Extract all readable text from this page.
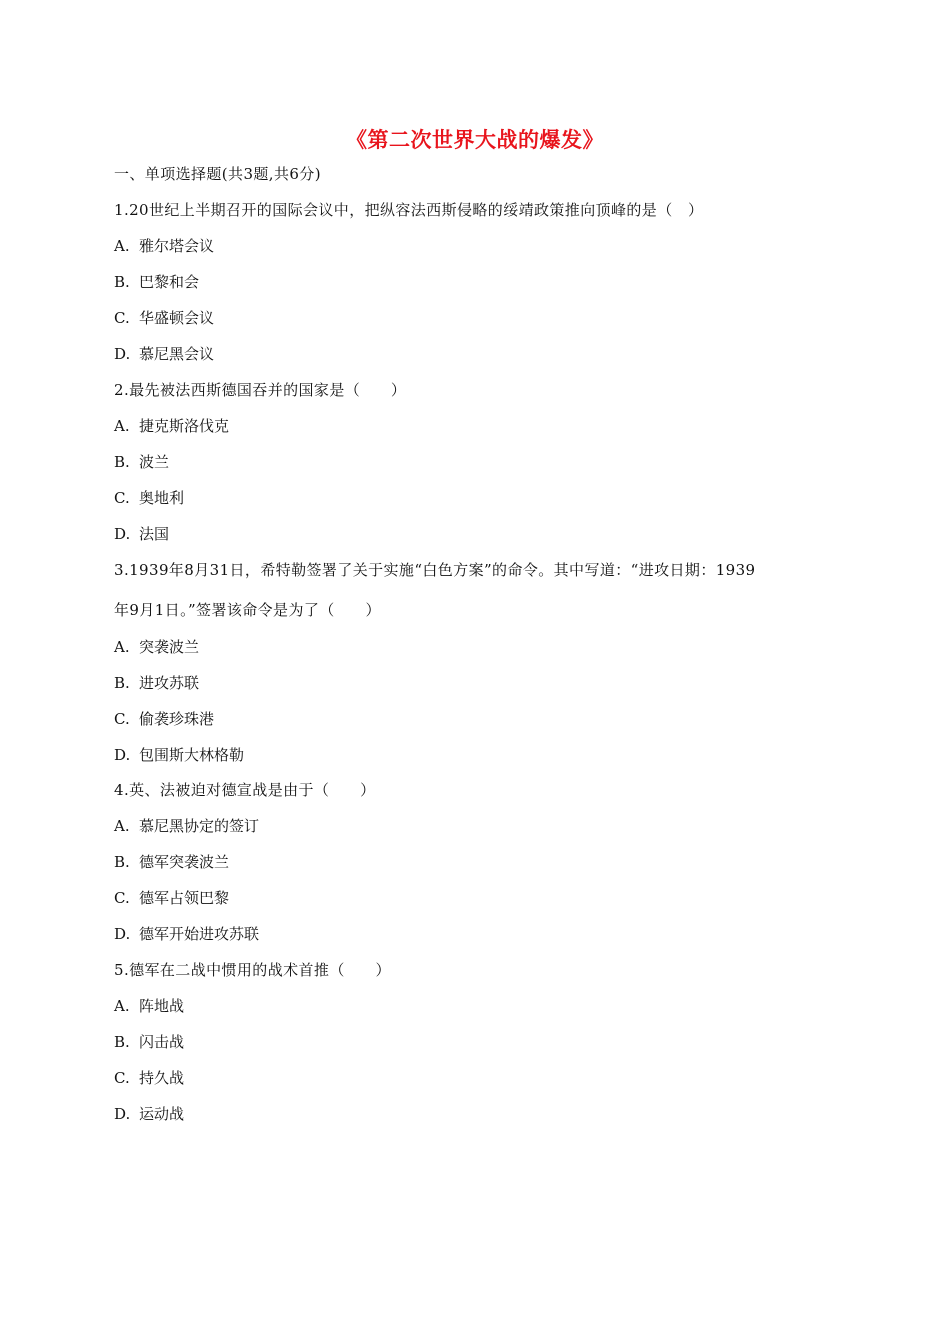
《第二次世界大战的爆发》
一、单项选择题(共3题,共6分)
1.20世纪上半期召开的国际会议中，把纵容法西斯侵略的绥靖政策推向顶峰的是（　）
A. 雅尔塔会议
B. 巴黎和会
C. 华盛顿会议
D. 慕尼黑会议
2.最先被法西斯德国吞并的国家是（　　）
A. 捷克斯洛伐克
B. 波兰
C. 奥地利
D. 法国
3.1939年8月31日，希特勒签署了关于实施“白色方案”的命令。其中写道：“进攻日期：1939
年9月1日。”签署该命令是为了（　　）
A. 突袭波兰
B. 进攻苏联
C. 偷袭珍珠港
D. 包围斯大林格勒
4.英、法被迫对德宣战是由于（　　）
A. 慕尼黑协定的签订
B. 德军突袭波兰
C. 德军占领巴黎
D. 德军开始进攻苏联
5.德军在二战中惯用的战术首推（　　）
A. 阵地战
B. 闪击战
C. 持久战
D. 运动战
